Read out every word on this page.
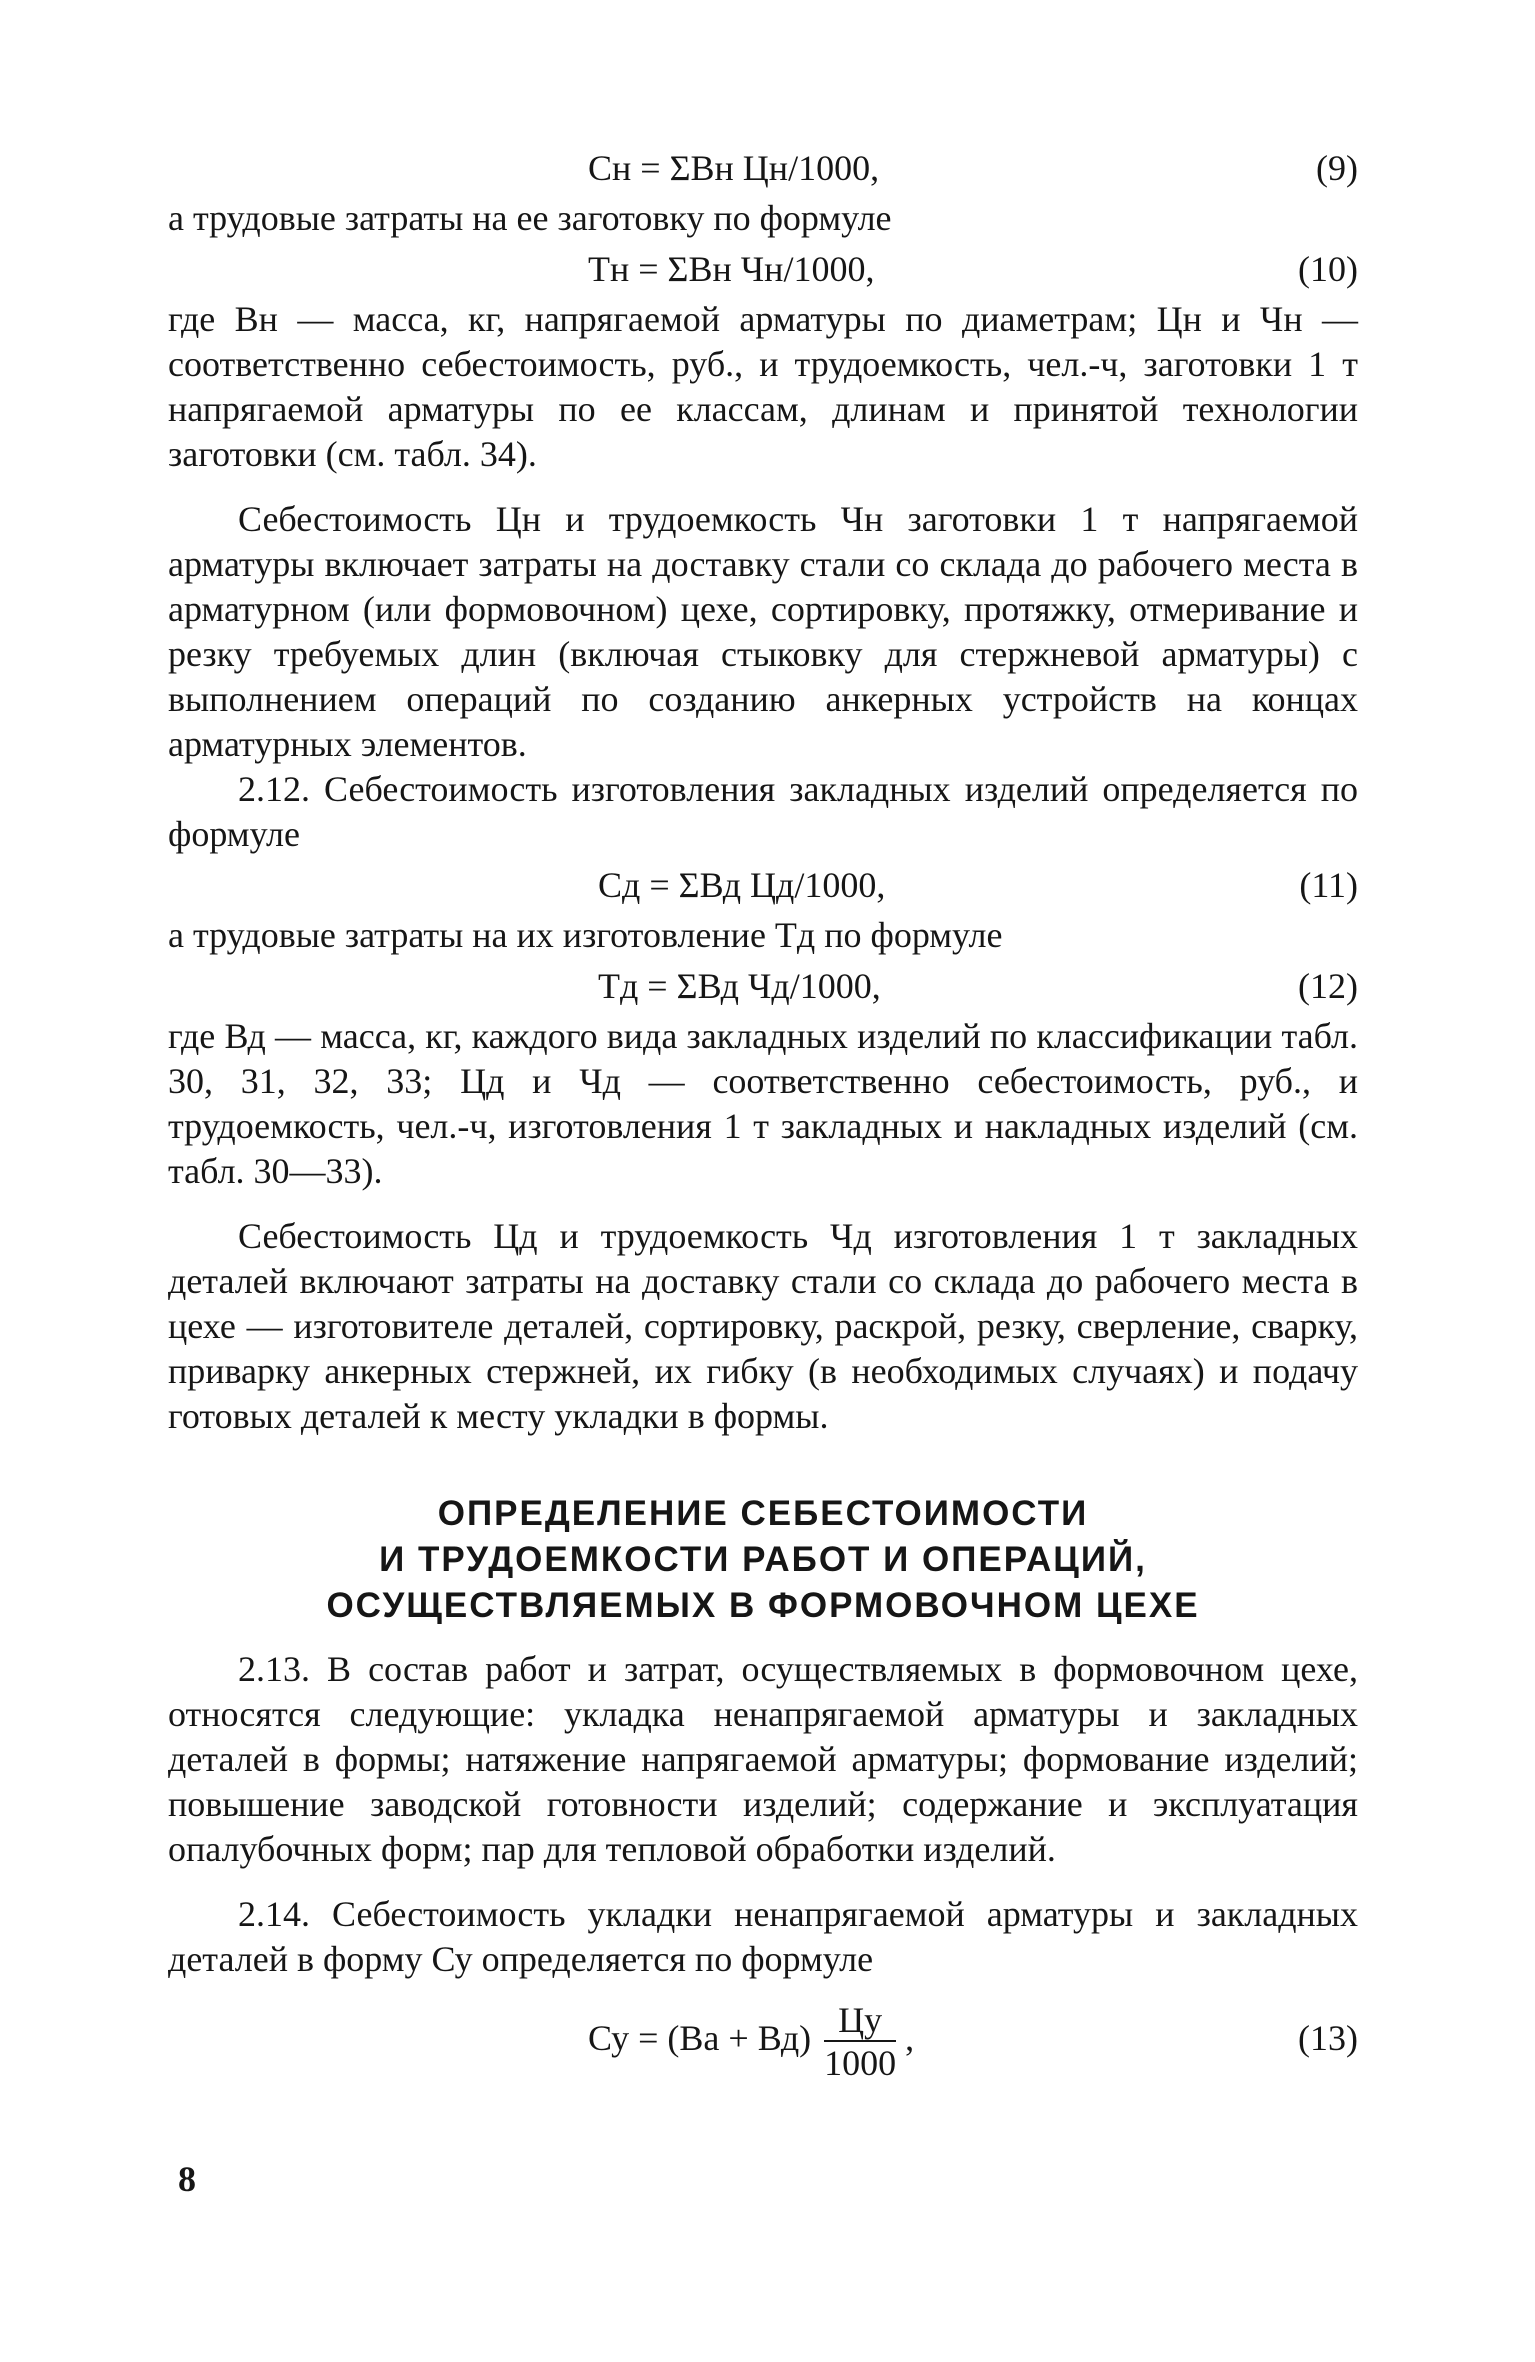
Сн = ΣВн Цн/1000,	(9)

а трудовые затраты на ее заготовку по формуле

Тн = ΣВн Чн/1000,	(10)

где Вн — масса, кг, напрягаемой арматуры по диаметрам; Цн и Чн — соответственно себестоимость, руб., и трудоемкость, чел.-ч, заготовки 1 т напрягаемой арматуры по ее классам, длинам и принятой технологии заготовки (см. табл. 34).

Себестоимость Цн и трудоемкость Чн заготовки 1 т напрягаемой арматуры включает затраты на доставку стали со склада до рабочего места в арматурном (или формовочном) цехе, сортировку, протяжку, отмеривание и резку требуемых длин (включая стыковку для стержневой арматуры) с выполнением операций по созданию анкерных устройств на концах арматурных элементов.

2.12. Себестоимость изготовления закладных изделий определяется по формуле

Сд = ΣВд Цд/1000,	(11)

а трудовые затраты на их изготовление Тд по формуле

Тд = ΣВд Чд/1000,	(12)

где Вд — масса, кг, каждого вида закладных изделий по классификации табл. 30, 31, 32, 33; Цд и Чд — соответственно себестоимость, руб., и трудоемкость, чел.-ч, изготовления 1 т закладных и накладных изделий (см. табл. 30—33).

Себестоимость Цд и трудоемкость Чд изготовления 1 т закладных деталей включают затраты на доставку стали со склада до рабочего места в цехе — изготовителе деталей, сортировку, раскрой, резку, сверление, сварку, приварку анкерных стержней, их гибку (в необходимых случаях) и подачу готовых деталей к месту укладки в формы.

ОПРЕДЕЛЕНИЕ СЕБЕСТОИМОСТИ
И ТРУДОЕМКОСТИ РАБОТ И ОПЕРАЦИЙ,
ОСУЩЕСТВЛЯЕМЫХ В ФОРМОВОЧНОМ ЦЕХЕ

2.13. В состав работ и затрат, осуществляемых в формовочном цехе, относятся следующие: укладка ненапрягаемой арматуры и закладных деталей в формы; натяжение напрягаемой арматуры; формование изделий; повышение заводской готовности изделий; содержание и эксплуатация опалубочных форм; пар для тепловой обработки изделий.

2.14. Себестоимость укладки ненапрягаемой арматуры и закладных деталей в форму Су определяется по формуле

Су = $(Ва + Вд) \frac{Цу}{1000}$ ,	(13)
8
